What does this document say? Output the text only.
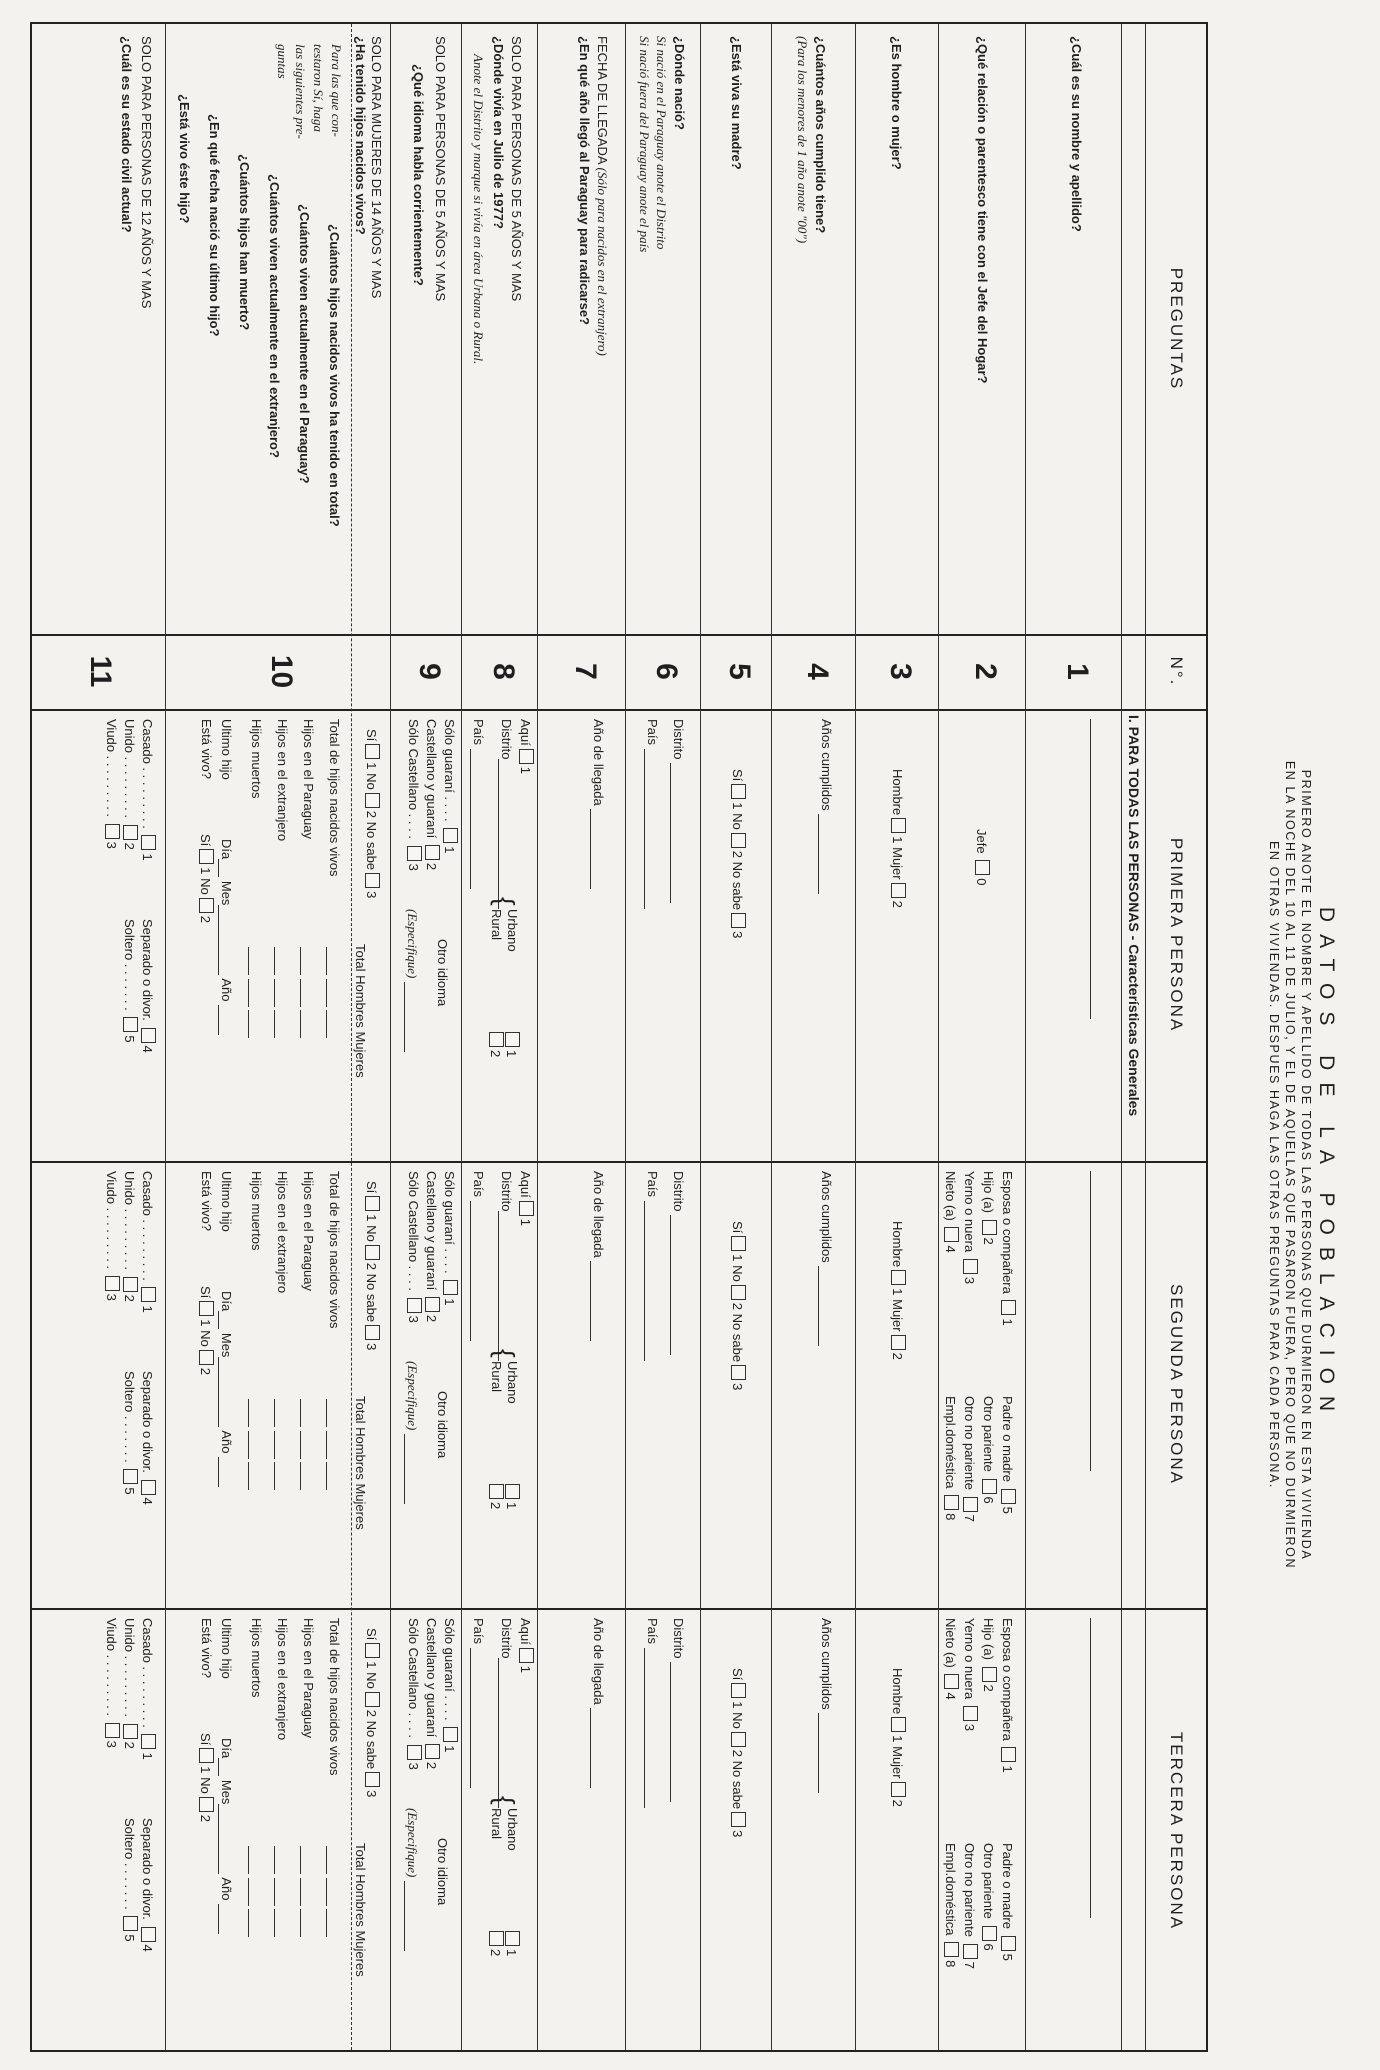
DATOS DE LA POBLACION
PRIMERO ANOTE EL NOMBRE Y APELLIDO DE TODAS LAS PERSONAS QUE DURMIERON EN ESTA VIVIENDA
EN LA NOCHE DEL 10 AL 11 DE JULIO, Y EL DE AQUELLAS QUE PASARON FUERA, PERO QUE NO DURMIERON
EN OTRAS VIVIENDAS. DESPUES HAGA LAS OTRAS PREGUNTAS PARA CADA PERSONA.
PREGUNTAS
¿Cuál es su nombre y apellido?
¿Qué relación o parentesco tiene con el Jefe del Hogar?
¿Es hombre o mujer?
¿Cuántos años cumplido tiene?
(Para los menores de 1 año anote "00")
¿Está viva su madre?
¿Dónde nació?
Si nació en el Paraguay anote el Distrito
Si nació fuera del Paraguay anote el país
FECHA DE LLEGADA (Sólo para nacidos en el extranjero)
¿En qué año llegó al Paraguay para radicarse?
SOLO PARA PERSONAS DE 5 AÑOS Y MAS
¿Dónde vivía en Julio de 1977?
Anote el Distrito y marque si vivía en área Urbana o Rural.
SOLO PARA PERSONAS DE 5 AÑOS Y MAS
¿Qué idioma habla corrientemente?
SOLO PARA MUJERES DE 14 AÑOS Y MAS
¿Ha tenido hijos nacidos vivos?
Para las que con-
testaron Sí, haga
las siguientes pre-
guntas
¿Cuántos hijos nacidos vivos ha tenido en total?
¿Cuántos viven actualmente en el Paraguay?
¿Cuántos viven actualmente en el extranjero?
¿Cuántos hijos han muerto?
¿En qué fecha nació su último hijo?
¿Está vivo éste hijo?
SOLO PARA PERSONAS DE 12 AÑOS Y MAS
¿Cuál es su estado civil actual?
N°.
1
2
3
4
5
6
7
8
9
10
11
PRIMERA PERSONA
I. PARA TODAS LAS PERSONAS - Características Generales
Jefe 0
Hombre1 Mujer2
Años cumplidos
Sí1 No2 No sabe3
Distrito
País
Año de llegada
Aquí1
Distrito
{
Urbano
Rural
1
2
País
Sólo guaraní . . . . 1
Castellano y guaraní 2
Sólo Castellano . . . . 3
Otro idioma
(Especifique)
Sí1 No2 No sabe3
Total Hombres Mujeres
Total de hijos nacidos vivos

Hijos en el Paraguay

Hijos en el extranjero

Hijos muertos

Ultimo hijo
Día Mes Año
Está vivo?
Sí1 No2
Casado . . . . . . . . . 1
Unido . . . . . . . . . 2
Viudo . . . . . . . . . 3
Separado o divor. 4
Soltero . . . . . . . 5
SEGUNDA PERSONA
Esposa o compañera 1
Hijo (a) 2
Yerno o nuera 3
Nieto (a) 4
Padre o madre 5
Otro pariente 6
Otro no pariente 7
Empl.doméstica 8
Hombre1 Mujer2
Años cumplidos
Sí1 No2 No sabe3
Distrito
País
Año de llegada
Aquí1
Distrito
{
Urbano
Rural
1
2
País
Sólo guaraní . . . . 1
Castellano y guaraní 2
Sólo Castellano . . . . 3
Otro idioma
(Especifique)
Sí1 No2 No sabe3
Total Hombres Mujeres
Total de hijos nacidos vivos

Hijos en el Paraguay

Hijos en el extranjero

Hijos muertos

Ultimo hijo
Día Mes Año
Está vivo?
Sí1 No2
Casado . . . . . . . . . 1
Unido . . . . . . . . . 2
Viudo . . . . . . . . . 3
Separado o divor. 4
Soltero . . . . . . . 5
TERCERA PERSONA
Esposa o compañera 1
Hijo (a) 2
Yerno o nuera 3
Nieto (a) 4
Padre o madre 5
Otro pariente 6
Otro no pariente 7
Empl.doméstica 8
Hombre1 Mujer2
Años cumplidos
Sí1 No2 No sabe3
Distrito
País
Año de llegada
Aquí1
Distrito
{
Urbano
Rural
1
2
País
Sólo guaraní . . . . 1
Castellano y guaraní 2
Sólo Castellano . . . . 3
Otro idioma
(Especifique)
Sí1 No2 No sabe3
Total Hombres Mujeres
Total de hijos nacidos vivos

Hijos en el Paraguay

Hijos en el extranjero

Hijos muertos

Ultimo hijo
Día Mes Año
Está vivo?
Sí1 No2
Casado . . . . . . . . . 1
Unido . . . . . . . . . 2
Viudo . . . . . . . . . 3
Separado o divor. 4
Soltero . . . . . . . 5
